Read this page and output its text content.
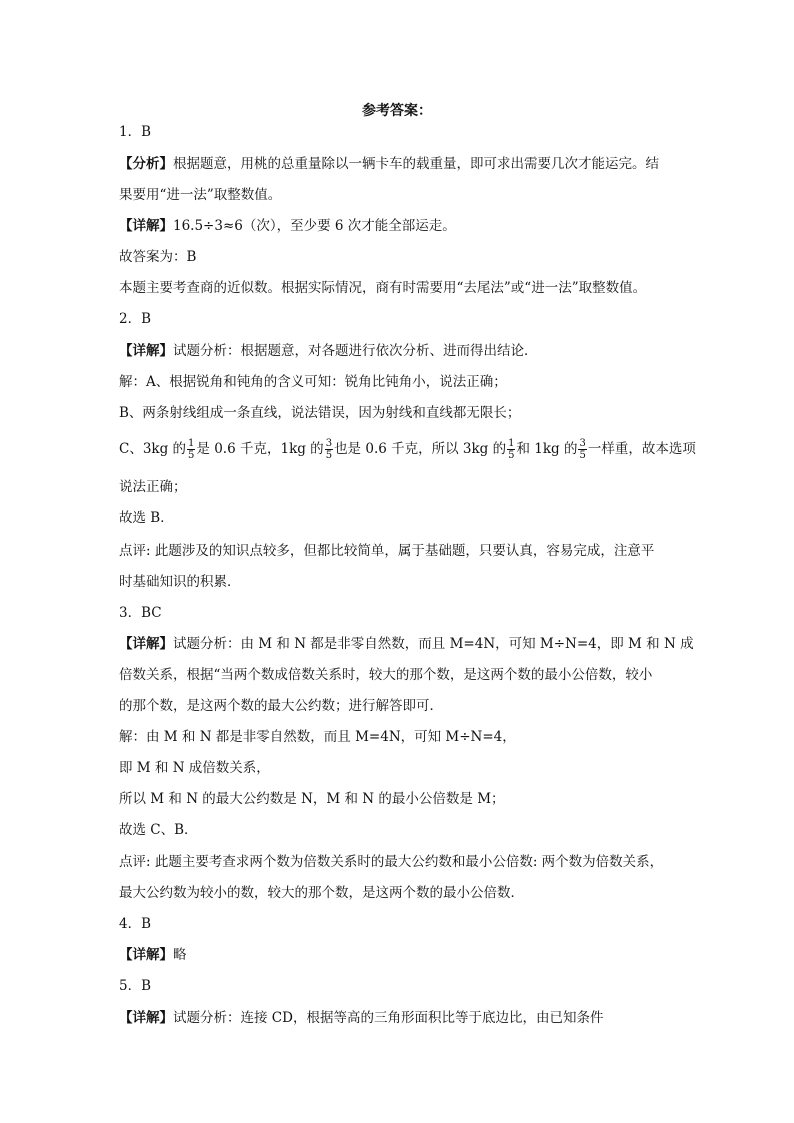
参考答案：
1．B
【分析】根据题意，用桃的总重量除以一辆卡车的载重量，即可求出需要几次才能运完。结
果要用“进一法”取整数值。
【详解】16.5÷3≈6（次），至少要 6 次才能全部运走。
故答案为：B
本题主要考查商的近似数。根据实际情况，商有时需要用“去尾法”或“进一法”取整数值。
2．B
【详解】试题分析：根据题意，对各题进行依次分析、进而得出结论．
解：A、根据锐角和钝角的含义可知：锐角比钝角小，说法正确；
B、两条射线组成一条直线，说法错误，因为射线和直线都无限长；
C、3kg 的 $\frac{1}{5}$ 是 0.6 千克，1kg 的 $\frac{3}{5}$ 也是 0.6 千克，所以 3kg 的 $\frac{1}{5}$ 和 1kg 的 $\frac{3}{5}$ 一样重，故本选项
说法正确；
故选 B．
点评: 此题涉及的知识点较多，但都比较简单，属于基础题，只要认真，容易完成，注意平
时基础知识的积累．
3．BC
【详解】试题分析：由 M 和 N 都是非零自然数，而且 M=4N，可知 M÷N=4，即 M 和 N 成
倍数关系，根据“当两个数成倍数关系时，较大的那个数，是这两个数的最小公倍数，较小
的那个数，是这两个数的最大公约数；进行解答即可．
解：由 M 和 N 都是非零自然数，而且 M=4N，可知 M÷N=4，
即 M 和 N 成倍数关系，
所以 M 和 N 的最大公约数是 N，M 和 N 的最小公倍数是 M；
故选 C、B．
点评: 此题主要考查求两个数为倍数关系时的最大公约数和最小公倍数: 两个数为倍数关系，
最大公约数为较小的数，较大的那个数，是这两个数的最小公倍数．
4．B
【详解】略
5．B
【详解】试题分析：连接 CD，根据等高的三角形面积比等于底边比，由已知条件
